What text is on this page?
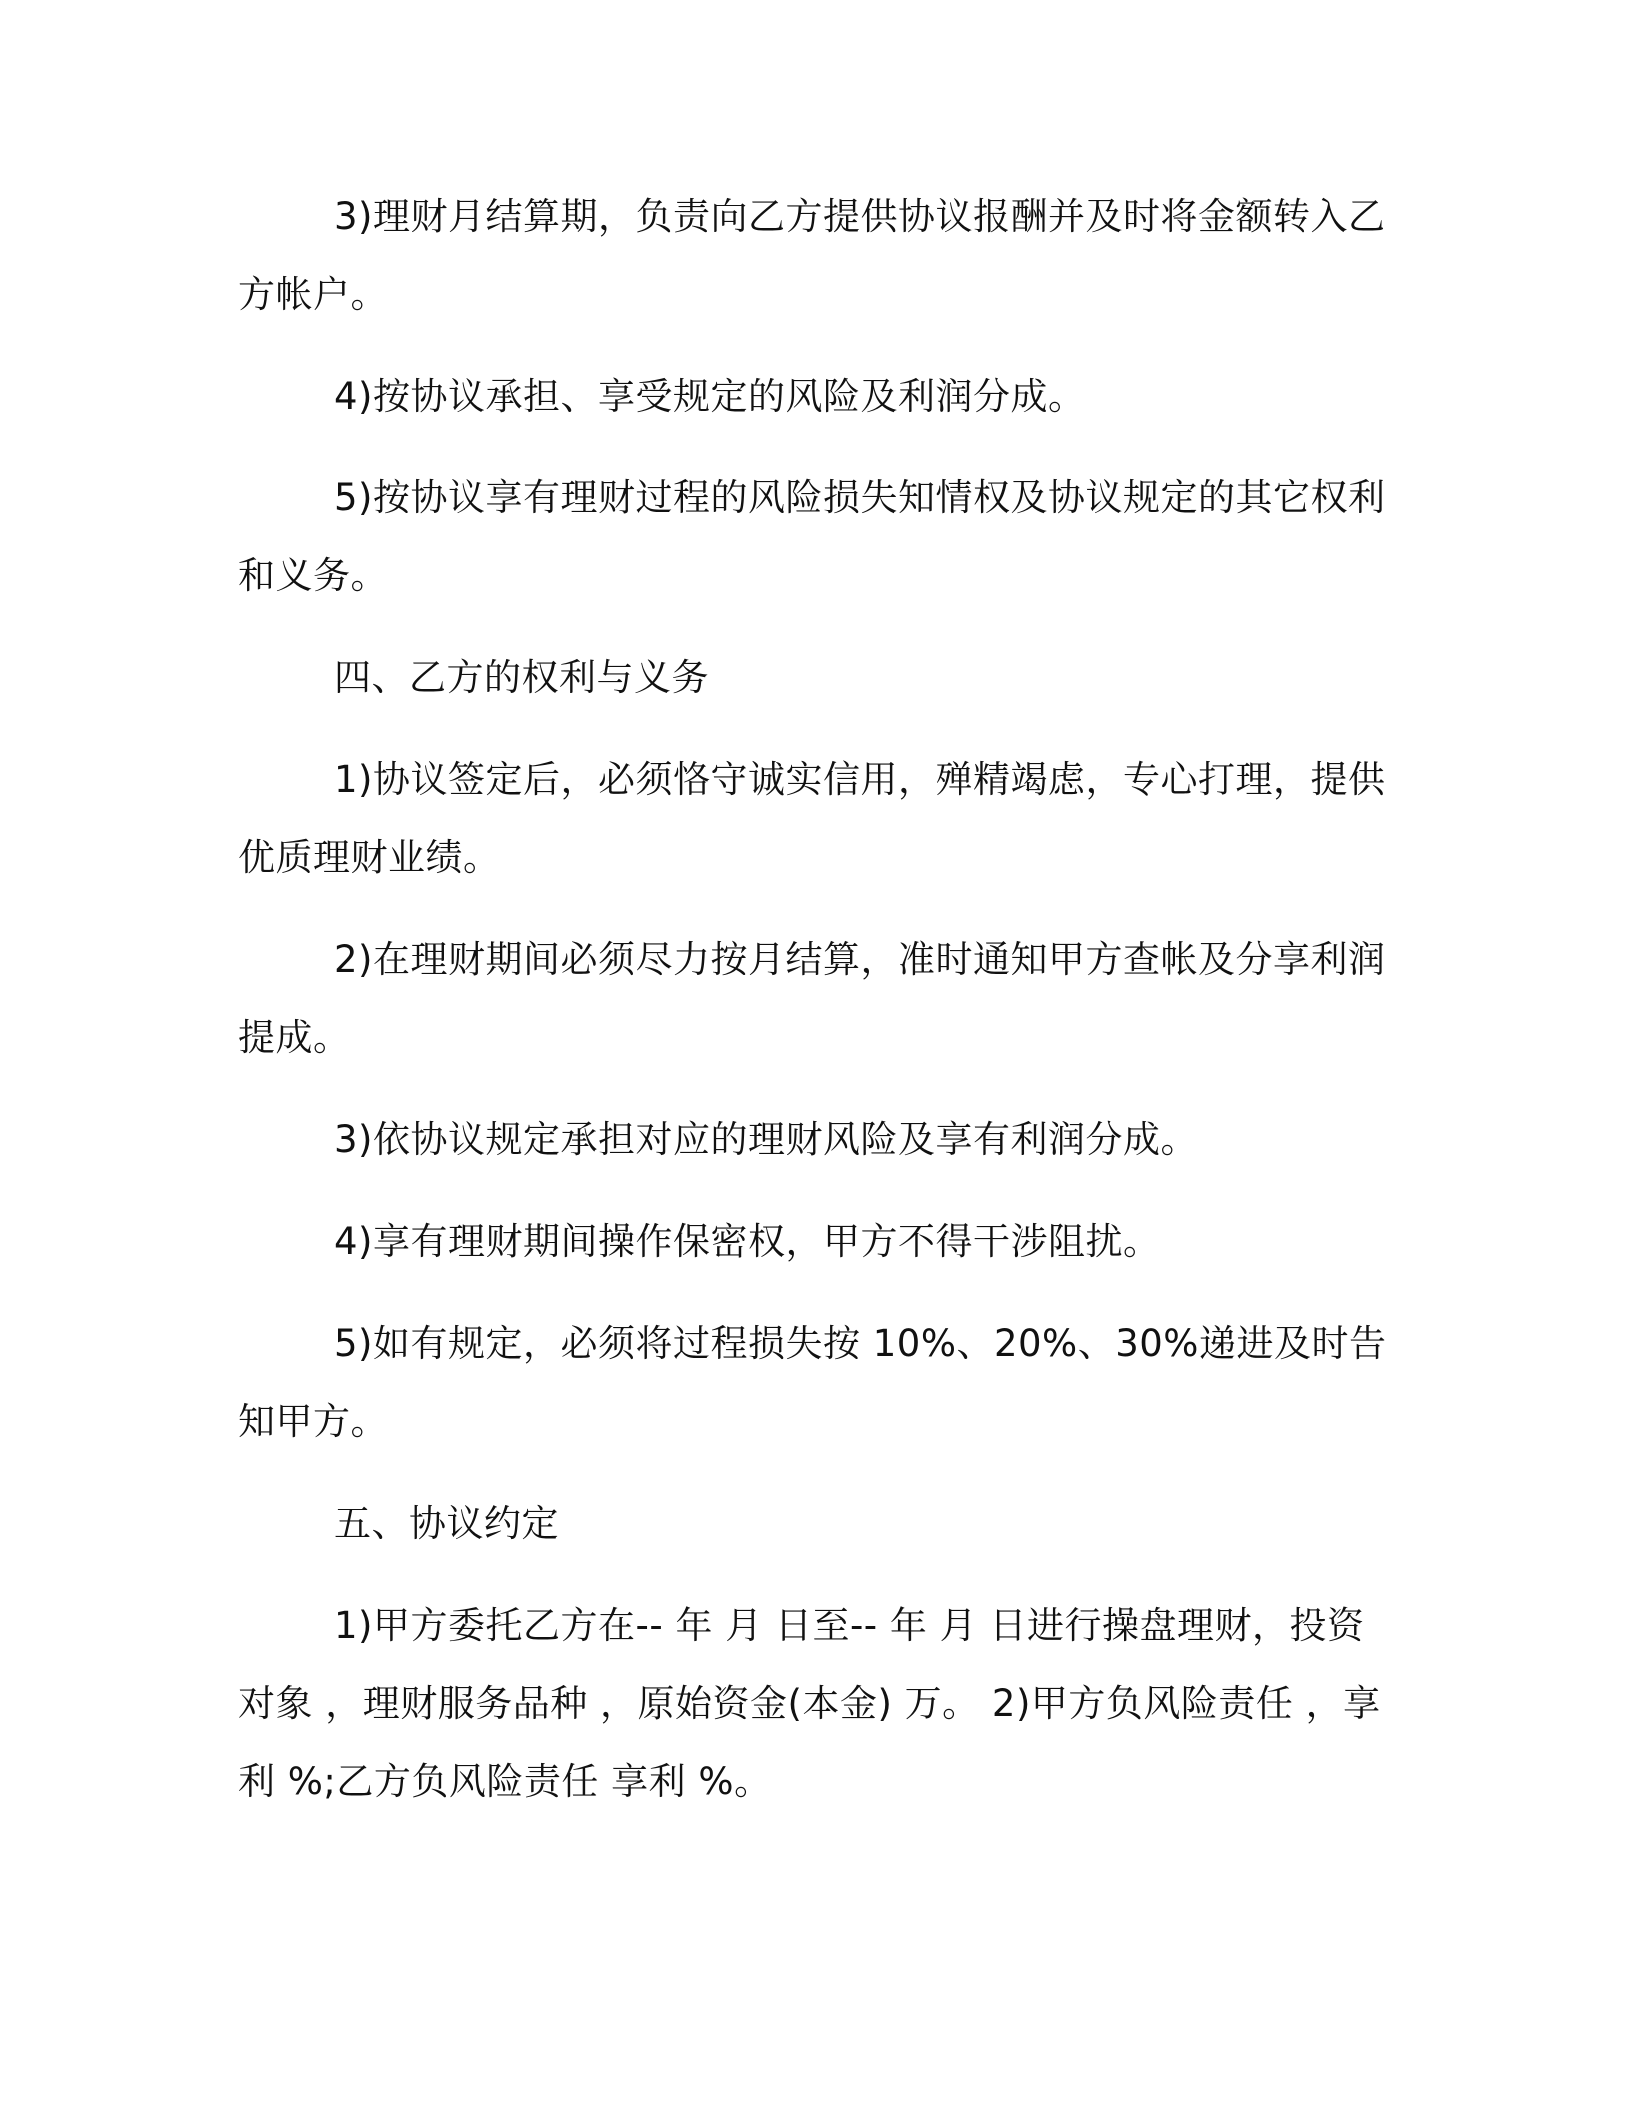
3)理财月结算期，负责向乙方提供协议报酬并及时将金额转入乙
方帐户。
4)按协议承担、享受规定的风险及利润分成。
5)按协议享有理财过程的风险损失知情权及协议规定的其它权利
和义务。
四、乙方的权利与义务
1)协议签定后，必须恪守诚实信用，殚精竭虑，专心打理，提供
优质理财业绩。
2)在理财期间必须尽力按月结算，准时通知甲方查帐及分享利润
提成。
3)依协议规定承担对应的理财风险及享有利润分成。
4)享有理财期间操作保密权，甲方不得干涉阻扰。
5)如有规定，必须将过程损失按 10%、20%、30%递进及时告
知甲方。
五、协议约定
1)甲方委托乙方在-- 年 月 日至-- 年 月 日进行操盘理财，投资
对象 ，理财服务品种 ，原始资金(本金) 万。 2)甲方负风险责任 ，享
利 %;乙方负风险责任 享利 %。
